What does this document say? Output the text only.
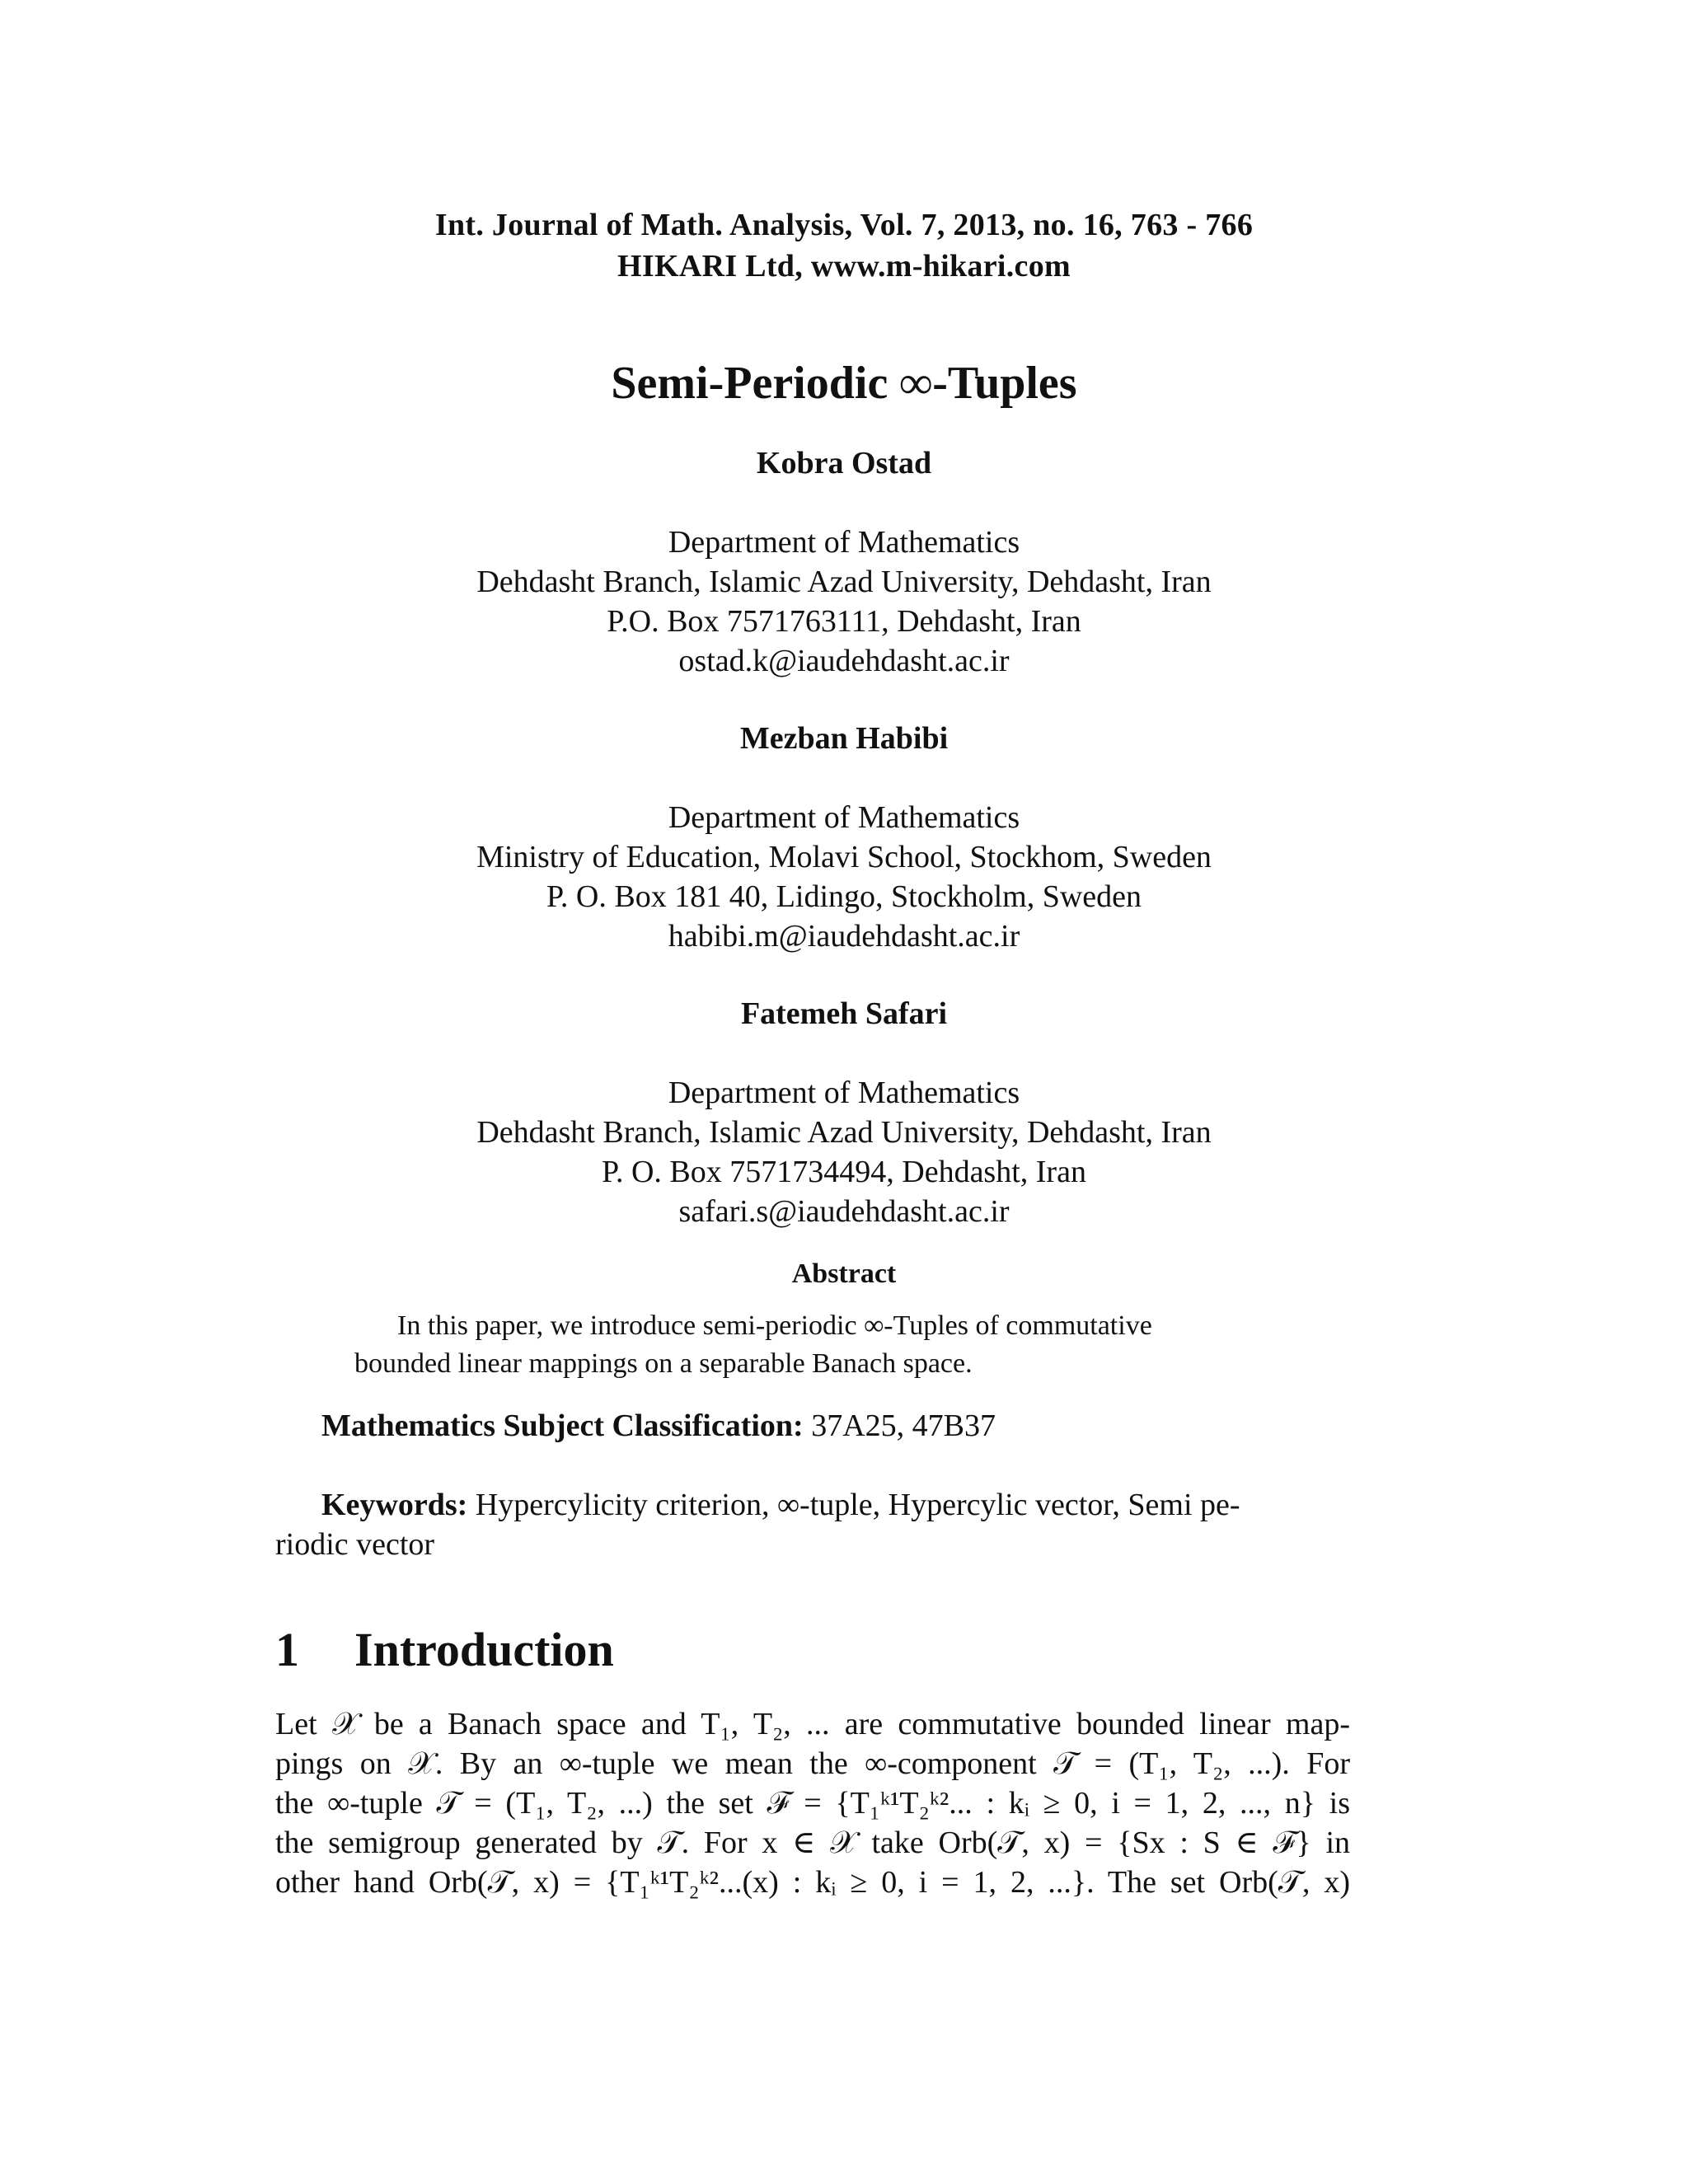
Int. Journal of Math. Analysis, Vol. 7, 2013, no. 16, 763 - 766
HIKARI Ltd, www.m-hikari.com
Semi-Periodic ∞-Tuples
Kobra Ostad
Department of Mathematics
Dehdasht Branch, Islamic Azad University, Dehdasht, Iran
P.O. Box 7571763111, Dehdasht, Iran
ostad.k@iaudehdasht.ac.ir
Mezban Habibi
Department of Mathematics
Ministry of Education, Molavi School, Stockhom, Sweden
P. O. Box 181 40, Lidingo, Stockholm, Sweden
habibi.m@iaudehdasht.ac.ir
Fatemeh Safari
Department of Mathematics
Dehdasht Branch, Islamic Azad University, Dehdasht, Iran
P. O. Box 7571734494, Dehdasht, Iran
safari.s@iaudehdasht.ac.ir
Abstract
In this paper, we introduce semi-periodic ∞-Tuples of commutative
bounded linear mappings on a separable Banach space.
Mathematics Subject Classification: 37A25, 47B37
Keywords: Hypercylicity criterion, ∞-tuple, Hypercylic vector, Semi pe-
riodic vector
1 Introduction
Let 𝒳 be a Banach space and T₁, T₂, ... are commutative bounded linear map-
pings on 𝒳. By an ∞-tuple we mean the ∞-component 𝒯 = (T₁, T₂, ...). For
the ∞-tuple 𝒯 = (T₁, T₂, ...) the set ℱ = {T₁ᵏ¹T₂ᵏ²... : kᵢ ≥ 0, i = 1, 2, ..., n} is
the semigroup generated by 𝒯. For x ∈ 𝒳 take Orb(𝒯, x) = {Sx : S ∈ ℱ} in
other hand Orb(𝒯, x) = {T₁ᵏ¹T₂ᵏ²...(x) : kᵢ ≥ 0, i = 1, 2, ...}. The set Orb(𝒯, x)
